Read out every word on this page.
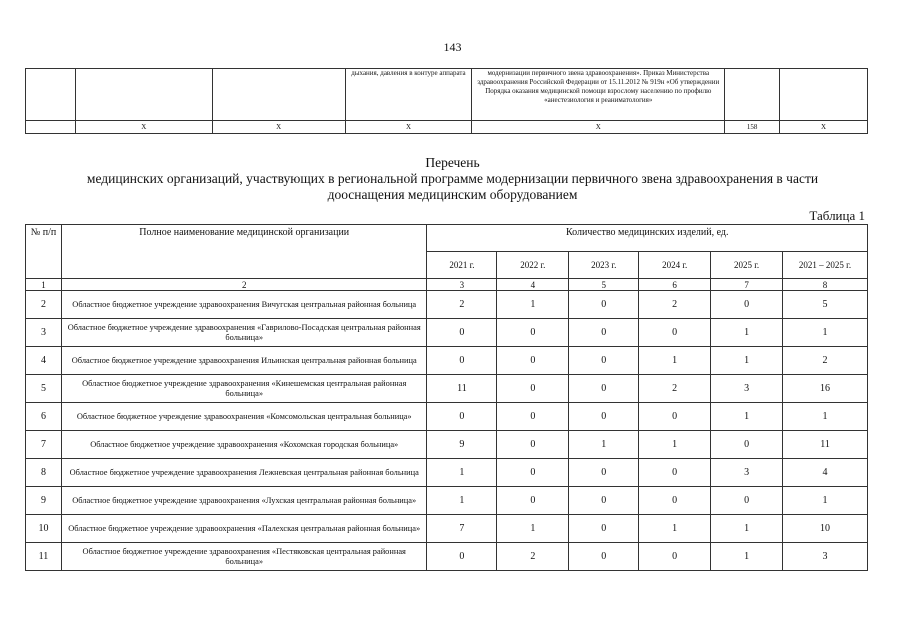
143
			дыхания, давления в контуре аппарата	модернизации первичного звена здравоохранения». Приказ Министерства здравоохранения Российской Федерации от 15.11.2012 № 919н «Об утверждении Порядка оказания медицинской помощи взрослому населению по профилю «анестезиология и реаниматология»		
	Х	Х	Х	Х	158	Х
Перечень
медицинских организаций, участвующих в региональной программе модернизации первичного звена здравоохранения в части
дооснащения медицинским оборудованием
Таблица 1
№ п/п	Полное наименование медицинской организации	Количество медицинских изделий, ед.					
		2021 г.	2022 г.	2023 г.	2024 г.	2025 г.	2021 – 2025 г.
1	2	3	4	5	6	7	8
2	Областное бюджетное учреждение здравоохранения Вичугская центральная районная больница	2	1	0	2	0	5
3	Областное бюджетное учреждение здравоохранения «Гаврилово-Посадская центральная районная больница»	0	0	0	0	1	1
4	Областное бюджетное учреждение здравоохранения Ильинская центральная районная больница	0	0	0	1	1	2
5	Областное бюджетное учреждение здравоохранения «Кинешемская центральная районная больница»	11	0	0	2	3	16
6	Областное бюджетное учреждение здравоохранения «Комсомольская центральная больница»	0	0	0	0	1	1
7	Областное бюджетное учреждение здравоохранения «Кохомская городская больница»	9	0	1	1	0	11
8	Областное бюджетное учреждение здравоохранения Лежневская центральная районная больница	1	0	0	0	3	4
9	Областное бюджетное учреждение здравоохранения «Лухская центральная районная больница»	1	0	0	0	0	1
10	Областное бюджетное учреждение здравоохранения «Палехская центральная районная больница»	7	1	0	1	1	10
11	Областное бюджетное учреждение здравоохранения «Пестяковская центральная районная больница»	0	2	0	0	1	3
